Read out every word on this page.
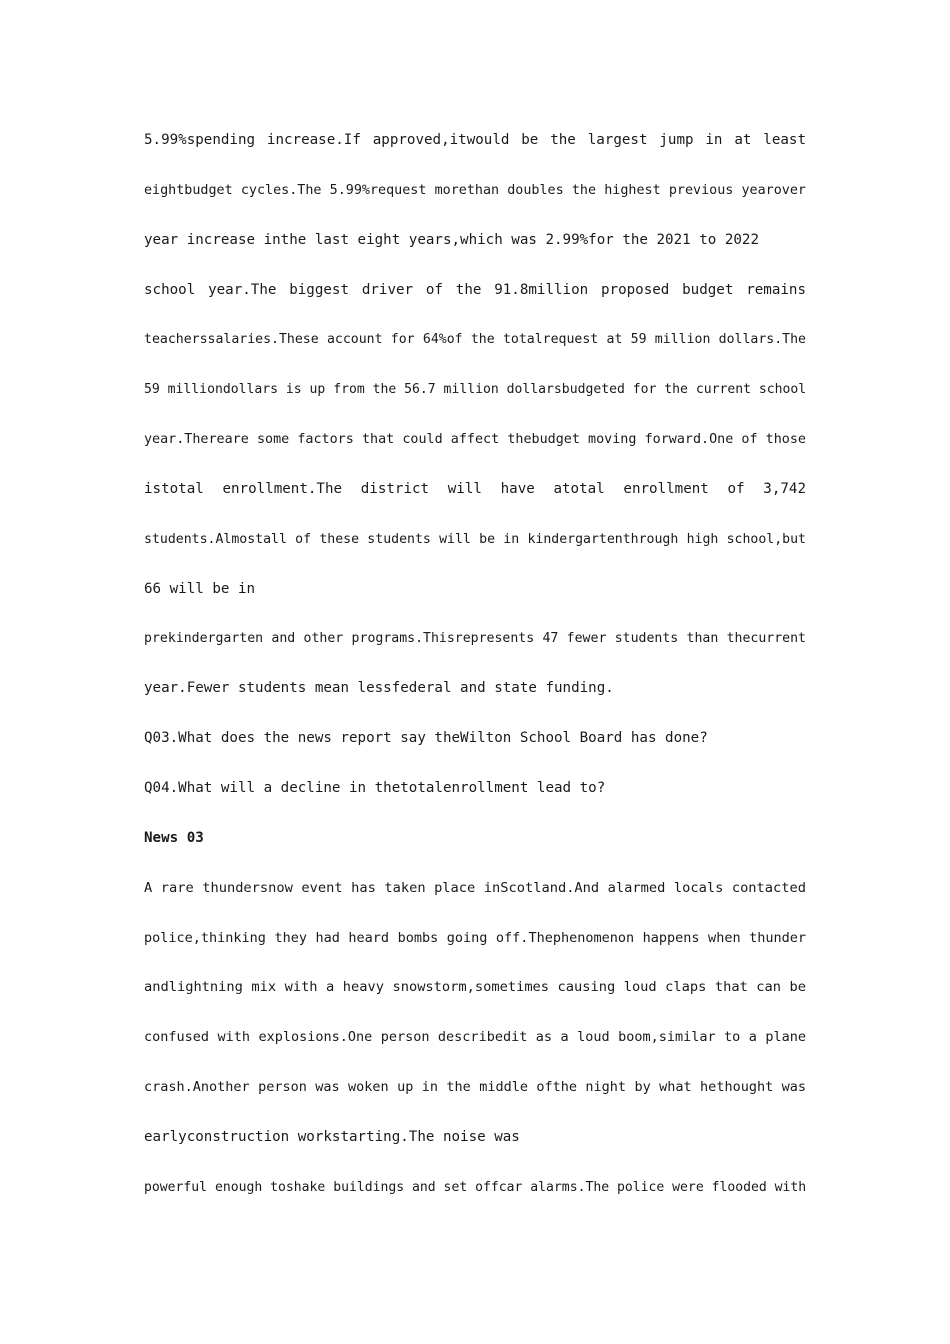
5.99%spending increase.If approved,itwould be the largest jump in at least
eightbudget cycles.The 5.99%request morethan doubles the highest previous yearover
year increase inthe last eight years,which was 2.99%for the 2021 to 2022
school year.The biggest driver of the 91.8million proposed budget remains
teacherssalaries.These account for 64%of the totalrequest at 59 million dollars.The
59 milliondollars is up from the 56.7 million dollarsbudgeted for the current school
year.Thereare some factors that could affect thebudget moving forward.One of those
istotal enrollment.The district will have atotal enrollment of 3,742
students.Almostall of these students will be in kindergartenthrough high school,but
66 will be in
prekindergarten and other programs.Thisrepresents 47 fewer students than thecurrent
year.Fewer students mean lessfederal and state funding.
Q03.What does the news report say theWilton School Board has done?
Q04.What will a decline in thetotalenrollment lead to?
News 03
A rare thundersnow event has taken place inScotland.And alarmed locals contacted
police,thinking they had heard bombs going off.Thephenomenon happens when thunder
andlightning mix with a heavy snowstorm,sometimes causing loud claps that can be
confused with explosions.One person describedit as a loud boom,similar to a plane
crash.Another person was woken up in the middle ofthe night by what hethought was
earlyconstruction workstarting.The noise was
powerful enough toshake buildings and set offcar alarms.The police were flooded with
